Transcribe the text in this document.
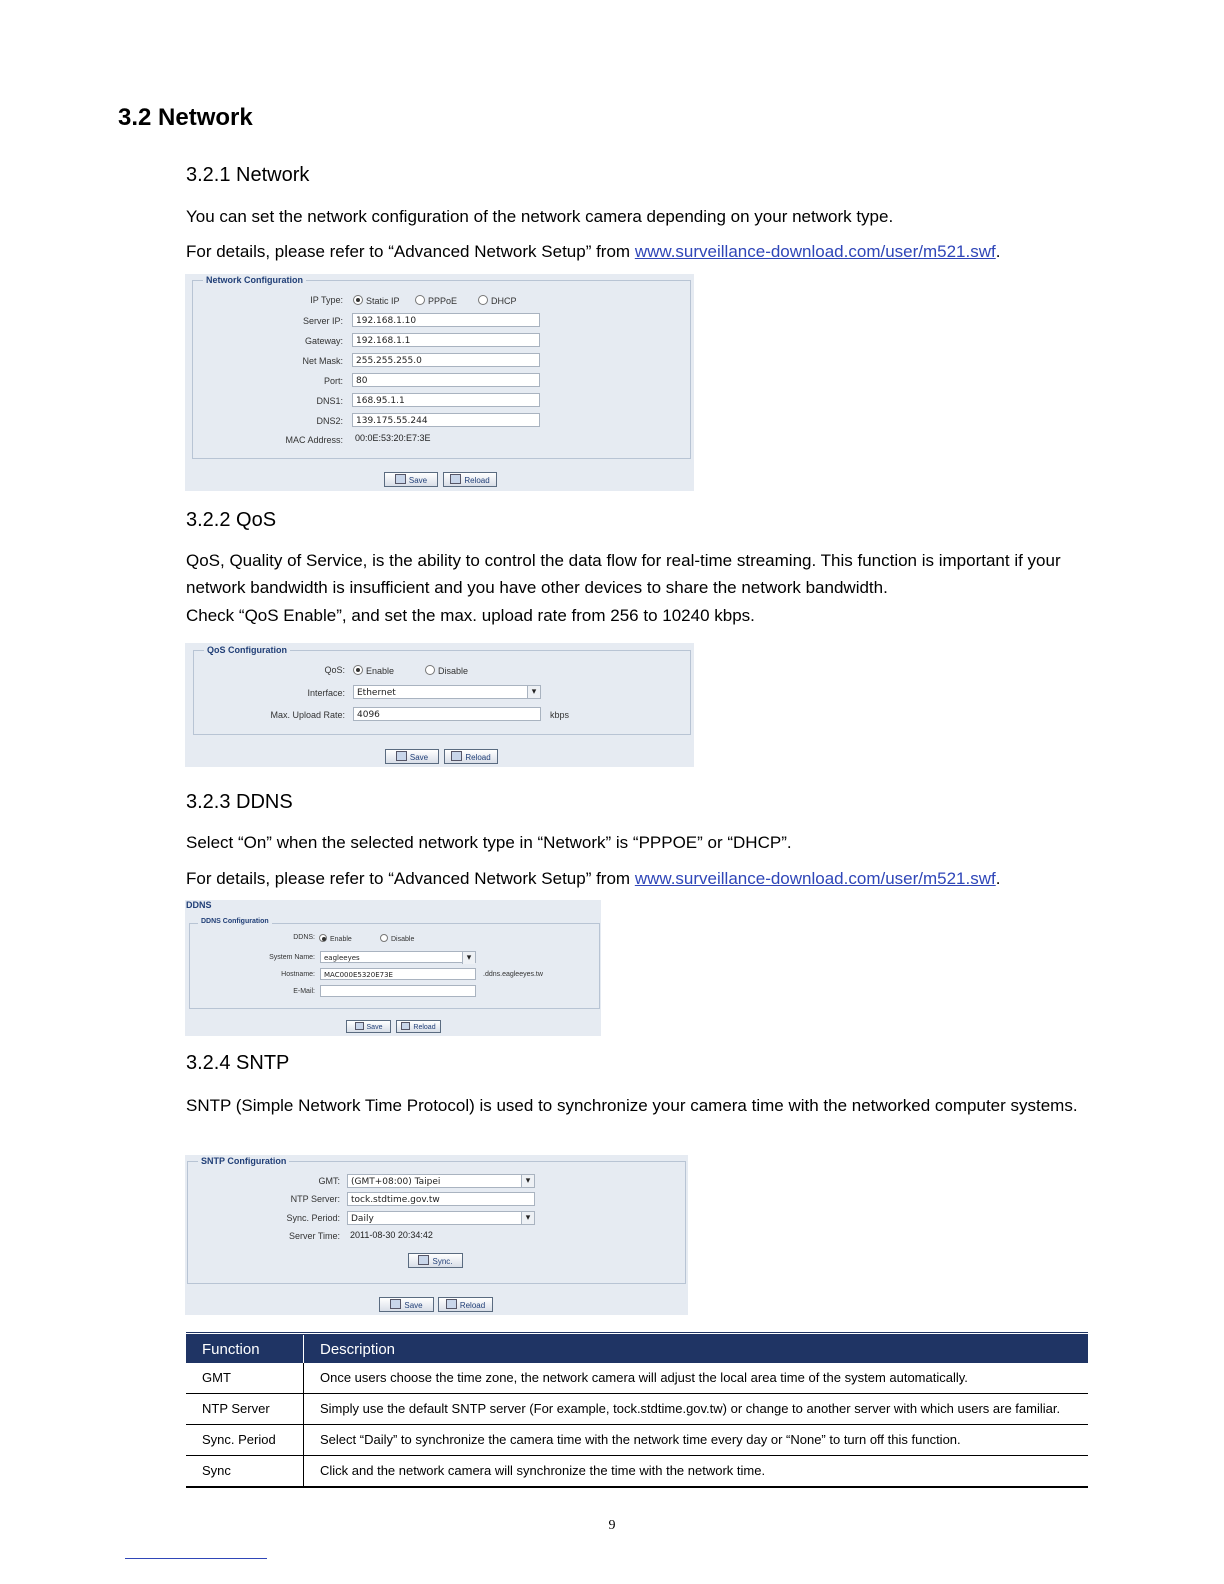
3.2 Network
3.2.1 Network

You can set the network configuration of the network camera depending on your network type.

For details, please refer to “Advanced Network Setup” from www.surveillance-download.com/user/m521.swf.

Network Configuration
IP Type:	Static IP	PPPoE	DHCP
Server IP:	192.168.1.10
Gateway:	192.168.1.1
Net Mask:	255.255.255.0
Port:	80
DNS1:	168.95.1.1
DNS2:	139.175.55.244
MAC Address: 00:0E:53:20:E7:3E
Save	Reload
3.2.2 QoS

QoS, Quality of Service, is the ability to control the data flow for real-time streaming. This function is important if your network bandwidth is insufficient and you have other devices to share the network bandwidth.

Check “QoS Enable”, and set the max. upload rate from 256 to 10240 kbps.

QoS Configuration
QoS:	Enable	Disable
Interface:	Ethernet ▾
Max. Upload Rate:	4096	kbps
Save	Reload
3.2.3 DDNS

Select “On” when the selected network type in “Network” is “PPPOE” or “DHCP”.

For details, please refer to “Advanced Network Setup” from www.surveillance-download.com/user/m521.swf.

DDNS
DDNS Configuration
DDNS:	Enable	Disable
System Name:	eagleeyes ▾
Hostname:	MAC000E5320E73E	.ddns.eagleeyes.tw
E-Mail:
Save	Reload
3.2.4 SNTP

SNTP (Simple Network Time Protocol) is used to synchronize your camera time with the networked computer systems.

SNTP Configuration
GMT:	(GMT+08:00) Taipei ▾
NTP Server:	tock.stdtime.gov.tw
Sync. Period:	Daily ▾
Server Time: 2011-08-30 20:34:42
Sync.
Save	Reload
Function	Description
GMT	Once users choose the time zone, the network camera will adjust the local area time of the system automatically.
NTP Server	Simply use the default SNTP server (For example, tock.stdtime.gov.tw) or change to another server with which users are familiar.
Sync. Period	Select “Daily” to synchronize the camera time with the network time every day or “None” to turn off this function.
Sync	Click and the network camera will synchronize the time with the network time.
9
